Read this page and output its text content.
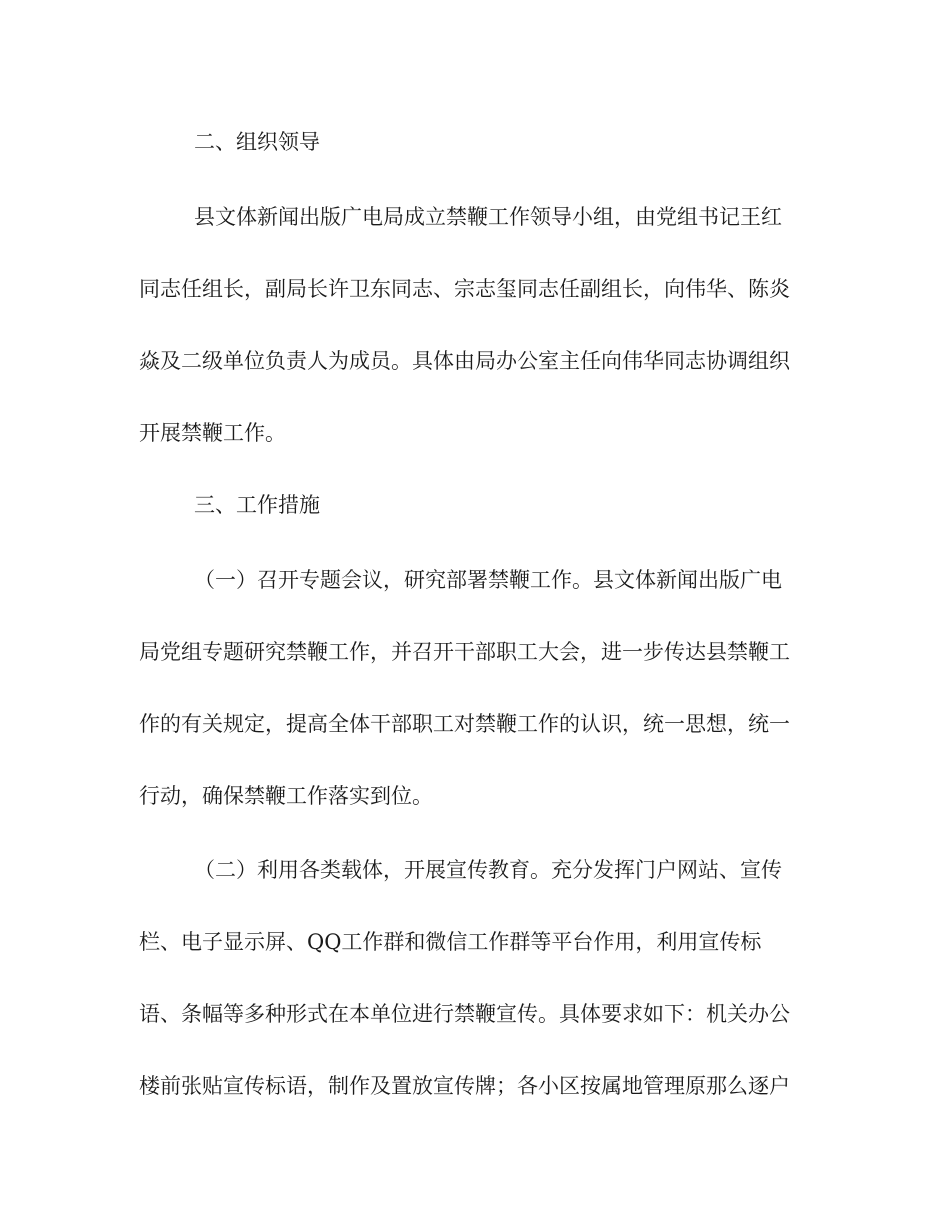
二、组织领导

县文体新闻出版广电局成立禁鞭工作领导小组，由党组书记王红

同志任组长，副局长许卫东同志、宗志玺同志任副组长，向伟华、陈炎

焱及二级单位负责人为成员。具体由局办公室主任向伟华同志协调组织

开展禁鞭工作。

三、工作措施

（一）召开专题会议，研究部署禁鞭工作。县文体新闻出版广电

局党组专题研究禁鞭工作，并召开干部职工大会，进一步传达县禁鞭工

作的有关规定，提高全体干部职工对禁鞭工作的认识，统一思想，统一

行动，确保禁鞭工作落实到位。

（二）利用各类载体，开展宣传教育。充分发挥门户网站、宣传

栏、电子显示屏、QQ工作群和微信工作群等平台作用，利用宣传标

语、条幅等多种形式在本单位进行禁鞭宣传。具体要求如下：机关办公

楼前张贴宣传标语，制作及置放宣传牌；各小区按属地管理原那么逐户
